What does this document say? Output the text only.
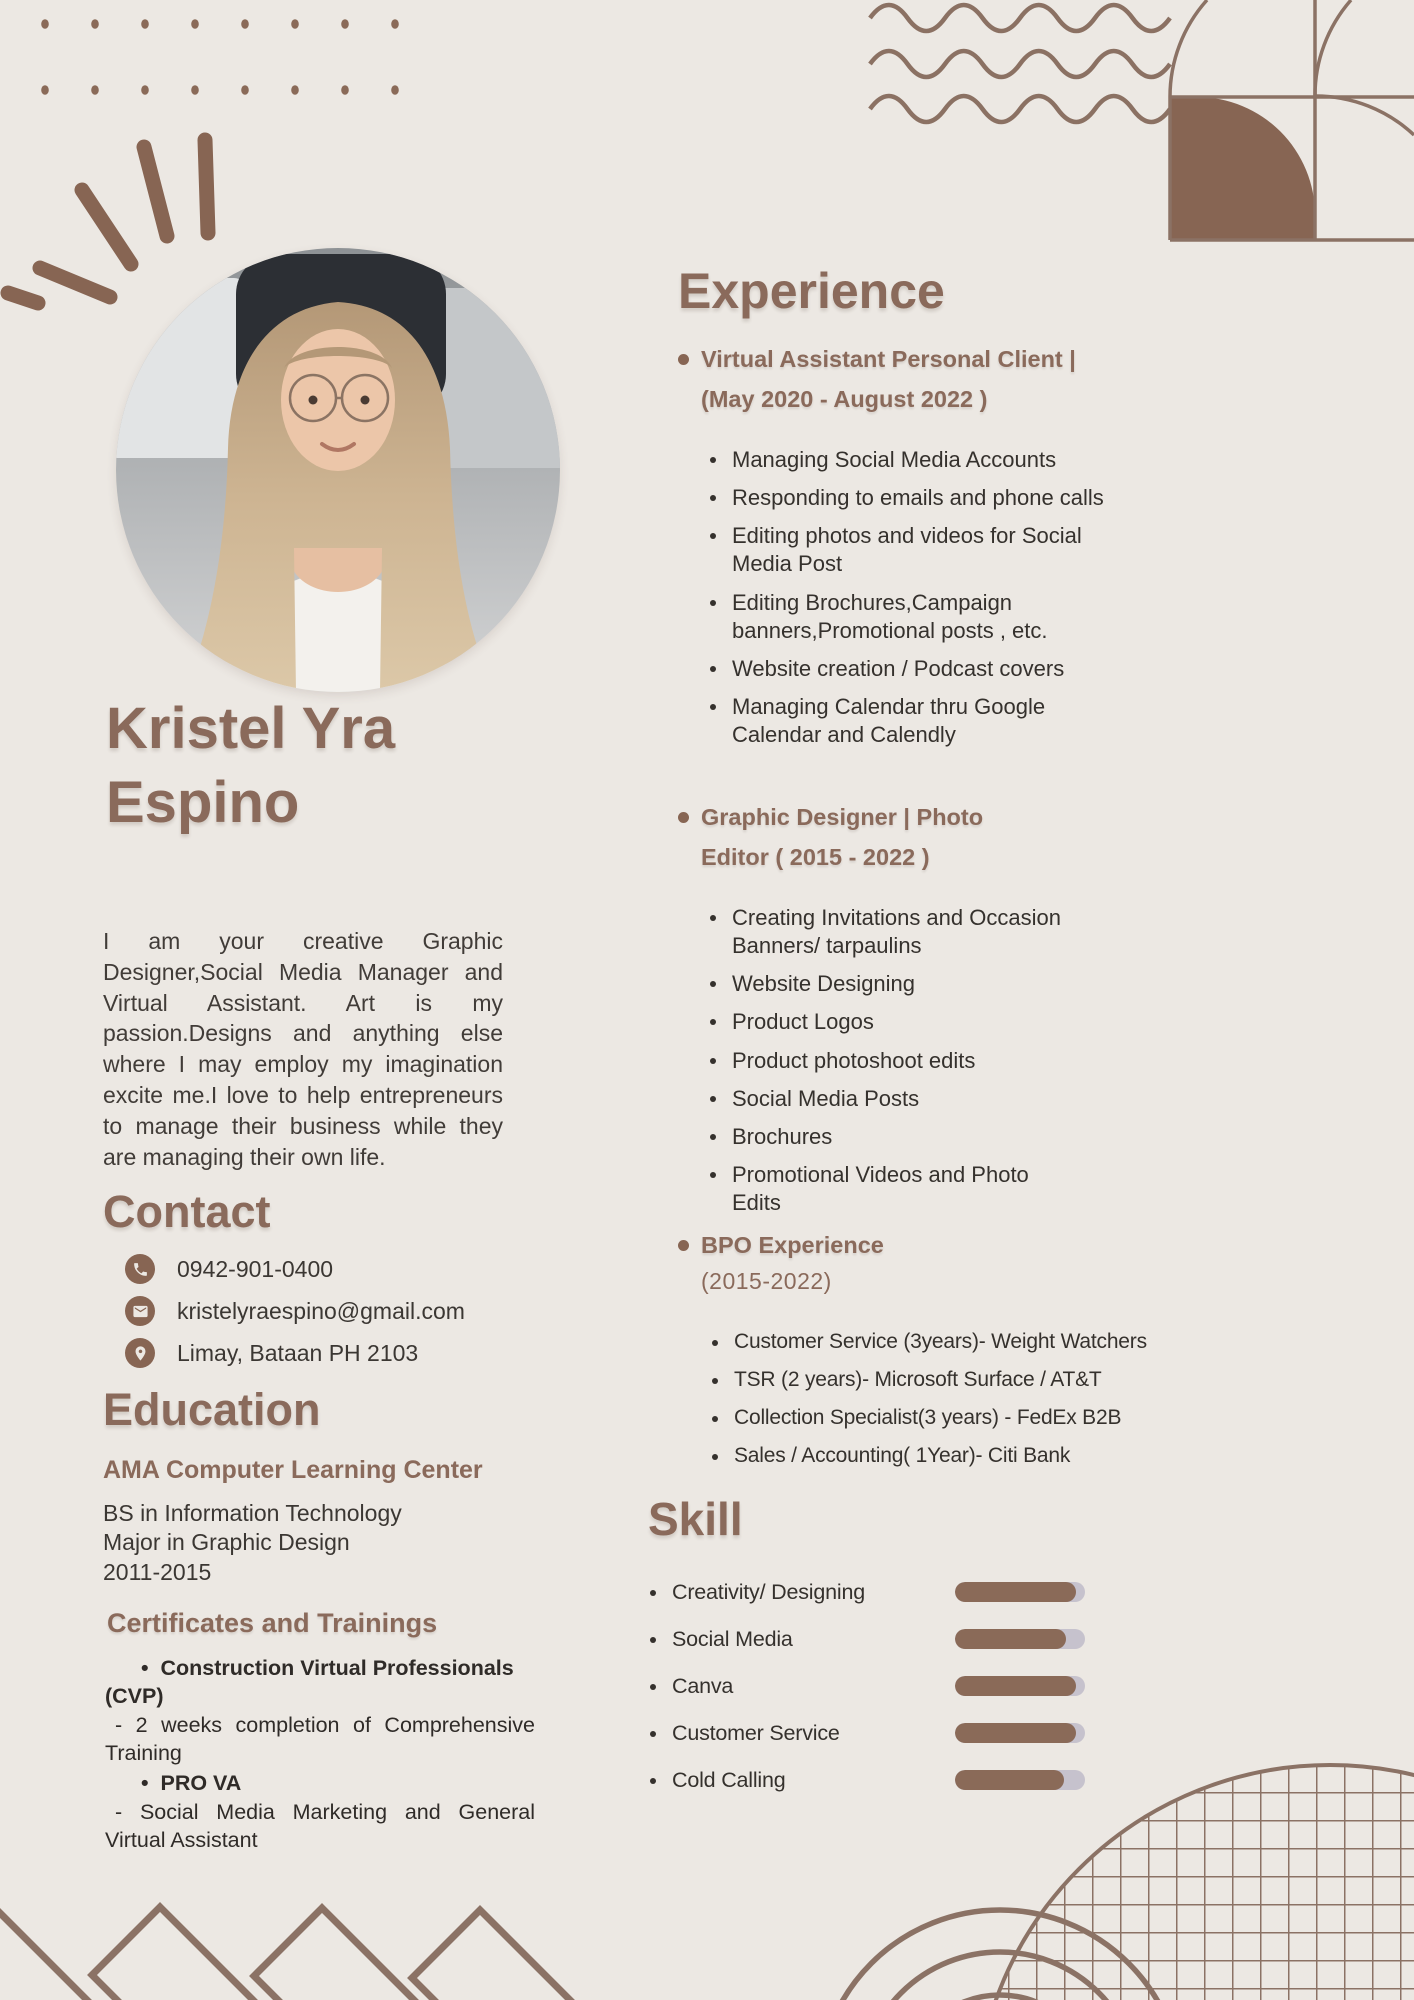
Kristel Yra
Espino

I am your creative Graphic Designer,Social Media Manager and Virtual Assistant. Art is my passion.Designs and anything else where I may employ my imagination excite me.I love to help entrepreneurs to manage their business while they are managing their own life.

Contact
0942-901-0400
kristelyraespino@gmail.com
Limay, Bataan PH 2103
Education
AMA Computer Learning Center
BS in Information Technology
Major in Graphic Design
2011-2015
Certificates and Trainings

•  Construction Virtual Professionals (CVP)

- 2 weeks completion of Comprehensive Training

•  PRO VA

- Social Media Marketing and General Virtual Assistant

Experience
Virtual Assistant Personal Client | (May 2020 - August 2022 )
Managing Social Media Accounts
Responding to emails and phone calls
Editing photos and videos for Social Media Post
Editing Brochures,Campaign banners,Promotional posts , etc.
Website creation / Podcast covers
Managing Calendar thru Google Calendar and Calendly
Graphic Designer | Photo Editor ( 2015 - 2022 )
Creating Invitations and Occasion Banners/ tarpaulins
Website Designing
Product Logos
Product photoshoot edits
Social Media Posts
Brochures
Promotional Videos and Photo Edits
BPO Experience
(2015-2022)
Customer Service (3years)- Weight Watchers
TSR (2 years)- Microsoft Surface / AT&T
Collection Specialist(3 years) - FedEx B2B
Sales / Accounting( 1Year)- Citi Bank
Skill
Creativity/ Designing
Social Media
Canva
Customer Service
Cold Calling
